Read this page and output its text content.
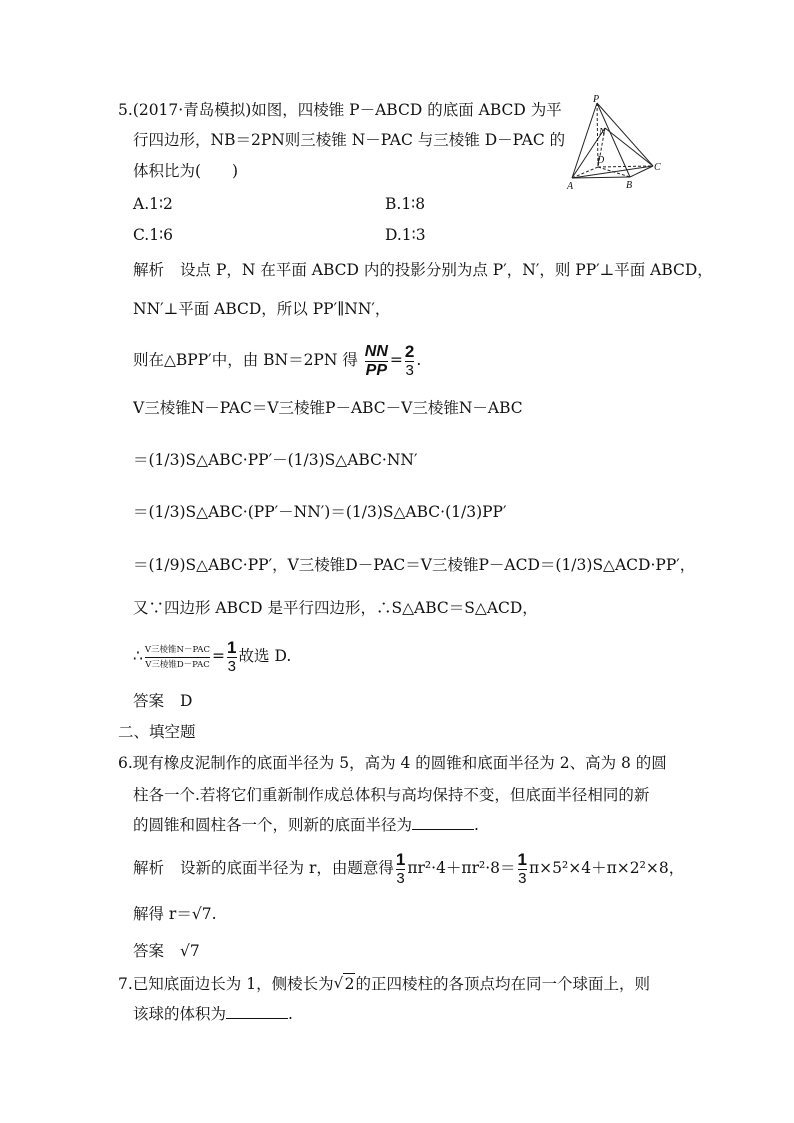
5.(2017·青岛模拟)如图，四棱锥 P－ABCD 的底面 ABCD 为平
行四边形，NB＝2PN则三棱锥 N－PAC 与三棱锥 D－PAC 的
体积比为(　　)
A.1∶2	B.1∶8
C.1∶6	D.1∶3
P
N
D
A	B
C
解析 设点 P，N 在平面 ABCD 内的投影分别为点 P′，N′，则 PP′⊥平面 ABCD，
NN′⊥平面 ABCD，所以 PP′∥NN′，
则在△BPP′中，由 BN＝2PN 得 $\frac{NN}{PP} = \frac{2}{3}$ .
V三棱锥N－PAC＝V三棱锥P－ABC－V三棱锥N－ABC
＝(1/3)S△ABC·PP′－(1/3)S△ABC·NN′
＝(1/3)S△ABC·(PP′－NN′)＝(1/3)S△ABC·(1/3)PP′
＝(1/9)S△ABC·PP′，V三棱锥D－PAC＝V三棱锥P－ACD＝(1/3)S△ACD·PP′，
又∵四边形 ABCD 是平行四边形，∴S△ABC＝S△ACD，
∴ $\frac{\text{V三棱锥N－PAC}}{\text{V三棱锥D－PAC}} = \frac{1}{3}$ 故选 D.
答案 D
二、填空题
6.现有橡皮泥制作的底面半径为 5，高为 4 的圆锥和底面半径为 2、高为 8 的圆
柱各一个.若将它们重新制作成总体积与高均保持不变，但底面半径相同的新
的圆锥和圆柱各一个，则新的底面半径为	.
解析 设新的底面半径为 r，由题意得 $\frac{1}{3} \pi r^2\cdot 4+\pi r^2\cdot 8= \frac{1}{3} \pi\times 5^2\times 4+\pi\times 2^2\times 8$，
解得 r＝√7.
答案 √7
7.已知底面边长为 1，侧棱长为 √ 2的正四棱柱的各顶点均在同一个球面上，则
该球的体积为	.
